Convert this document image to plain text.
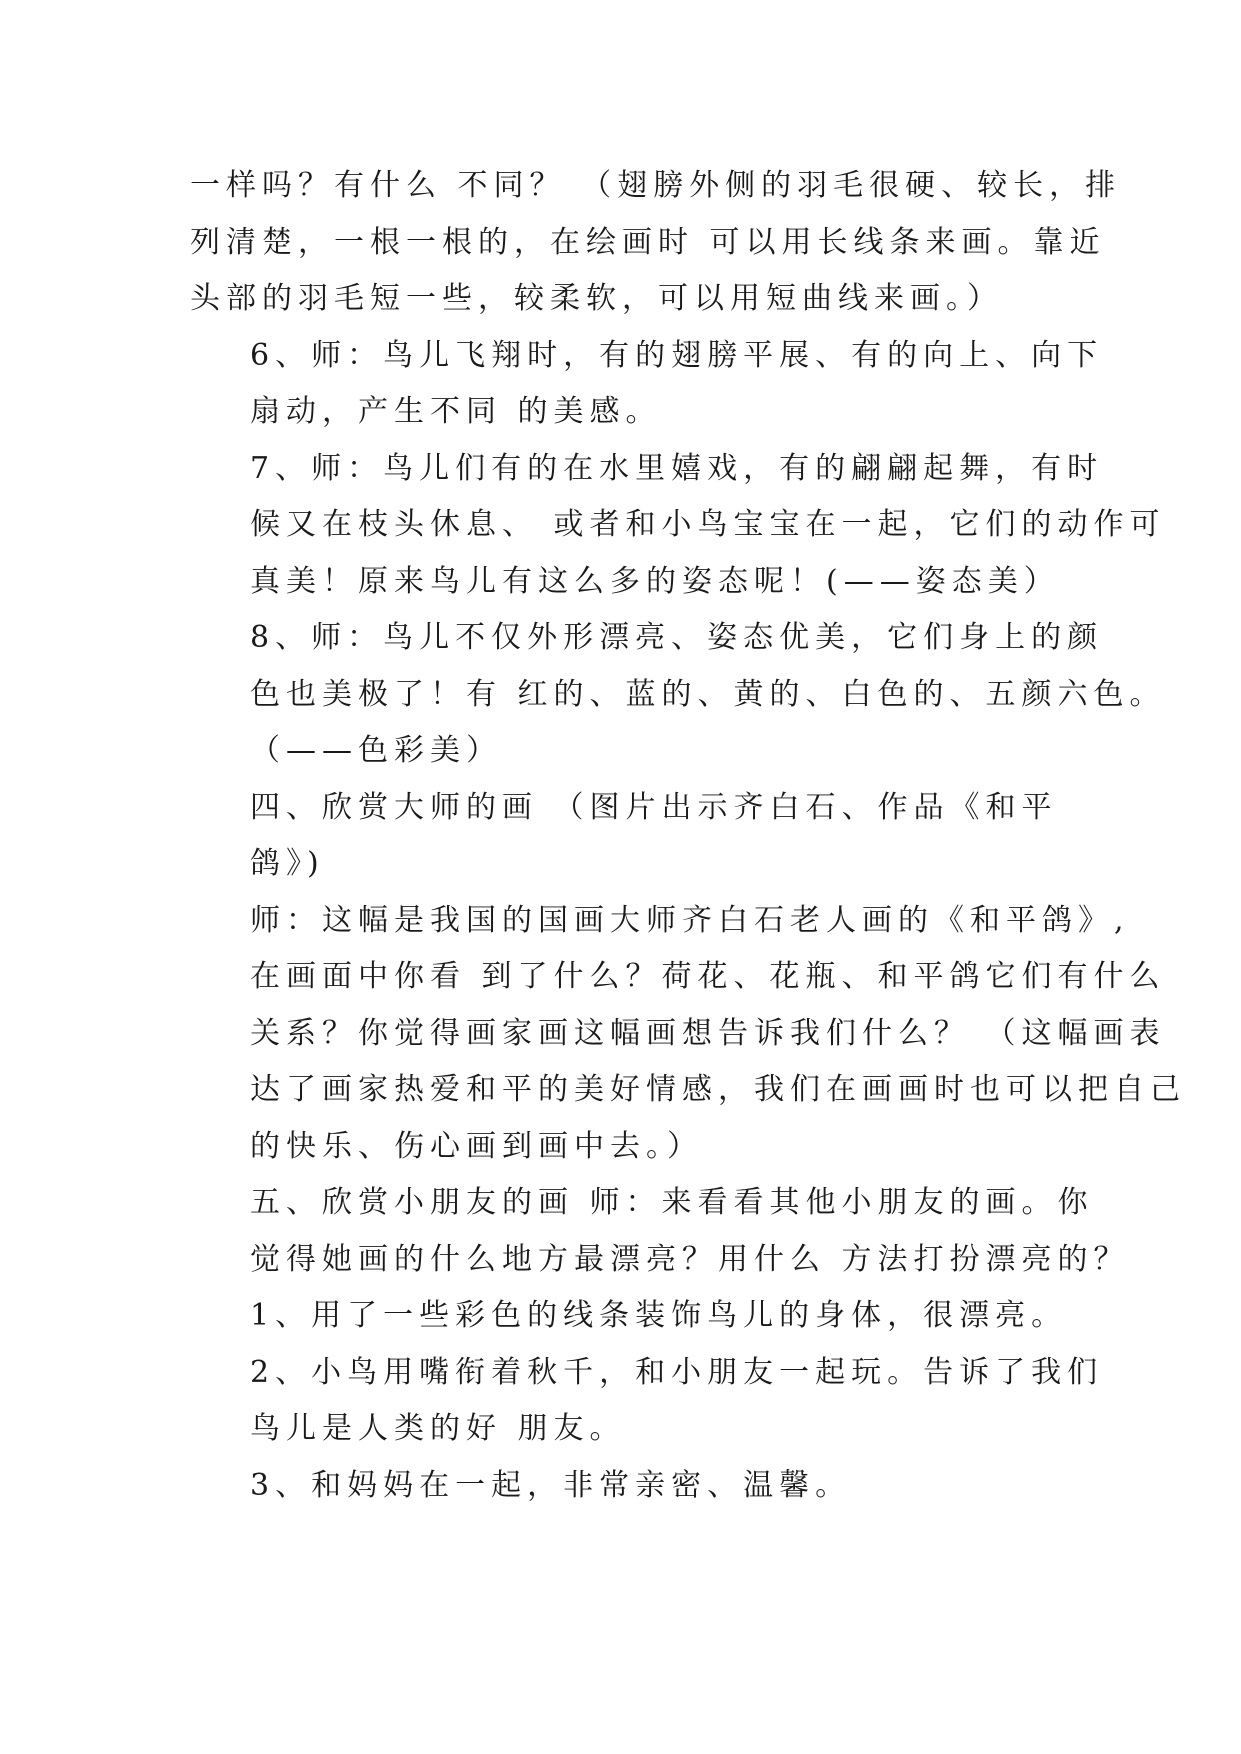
一样吗？有什么 不同？ （翅膀外侧的羽毛很硬、较长，排
列清楚，一根一根的，在绘画时 可以用长线条来画。靠近
头部的羽毛短一些，较柔软，可以用短曲线来画。）

6、师：鸟儿飞翔时，有的翅膀平展、有的向上、向下
扇动，产生不同 的美感。

7、师：鸟儿们有的在水里嬉戏，有的翩翩起舞，有时
候又在枝头休息、 或者和小鸟宝宝在一起，它们的动作可
真美！原来鸟儿有这么多的姿态呢！(——姿态美）

8、师：鸟儿不仅外形漂亮、姿态优美，它们身上的颜
色也美极了！有 红的、蓝的、黄的、白色的、五颜六色。
（——色彩美）

四、欣赏大师的画 （图片出示齐白石、作品《和平
鸽》)

师：这幅是我国的国画大师齐白石老人画的《和平鸽》,
在画面中你看 到了什么？荷花、花瓶、和平鸽它们有什么
关系？你觉得画家画这幅画想告诉我们什么？ （这幅画表
达了画家热爱和平的美好情感，我们在画画时也可以把自己
的快乐、伤心画到画中去。）

五、欣赏小朋友的画 师：来看看其他小朋友的画。你
觉得她画的什么地方最漂亮？用什么 方法打扮漂亮的？

1、用了一些彩色的线条装饰鸟儿的身体，很漂亮。

2、小鸟用嘴衔着秋千，和小朋友一起玩。告诉了我们
鸟儿是人类的好 朋友。

3、和妈妈在一起，非常亲密、温馨。
